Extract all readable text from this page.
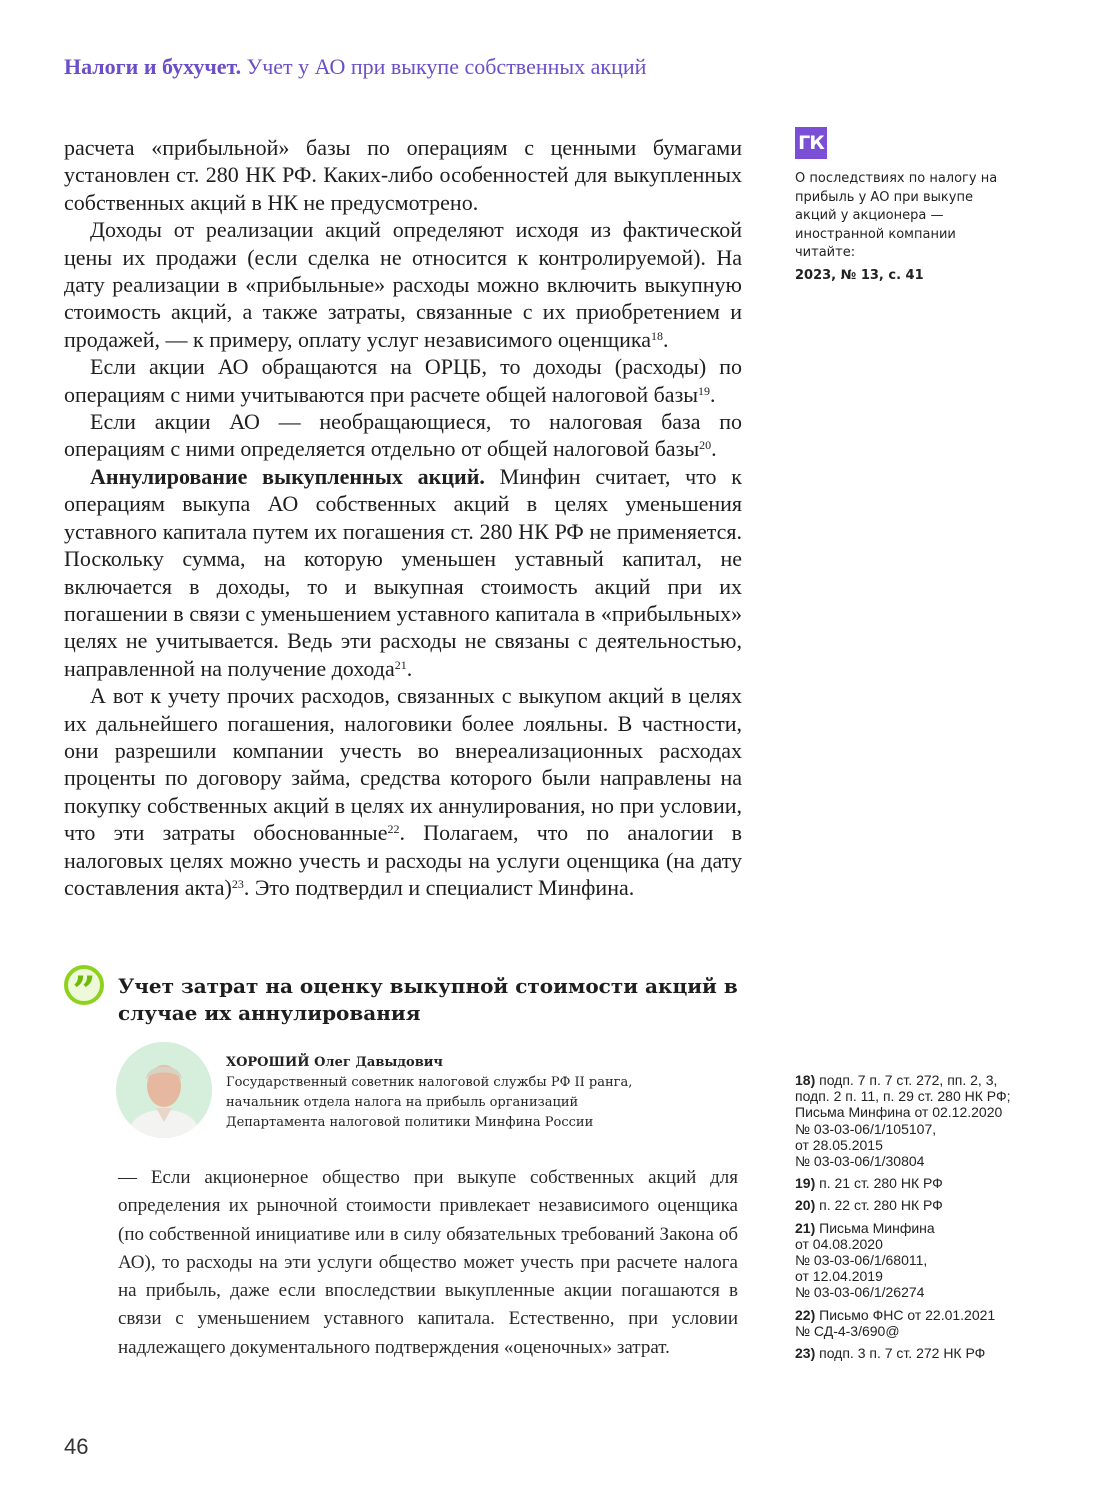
Налоги и бухучет. Учет у АО при выкупе собственных акций

расчета «прибыльной» базы по операциям с ценными бумагами установлен ст. 280 НК РФ. Каких-либо особенностей для выкупленных собственных акций в НК не предусмотрено.

Доходы от реализации акций определяют исходя из фактической цены их продажи (если сделка не относится к контролируемой). На дату реализации в «прибыльные» расходы можно включить выкупную стоимость акций, а также затраты, связанные с их приобретением и продажей, — к примеру, оплату услуг независимого оценщика$^{18}$.

Если акции АО обращаются на ОРЦБ, то доходы (расходы) по операциям с ними учитываются при расчете общей налоговой базы$^{19}$.

Если акции АО — необращающиеся, то налоговая база по операциям с ними определяется отдельно от общей налоговой базы$^{20}$.

Аннулирование выкупленных акций. Минфин считает, что к операциям выкупа АО собственных акций в целях уменьшения уставного капитала путем их погашения ст. 280 НК РФ не применяется. Поскольку сумма, на которую уменьшен уставный капитал, не включается в доходы, то и выкупная стоимость акций при их погашении в связи с уменьшением уставного капитала в «прибыльных» целях не учитывается. Ведь эти расходы не связаны с деятельностью, направленной на получение дохода$^{21}$.

А вот к учету прочих расходов, связанных с выкупом акций в целях их дальнейшего погашения, налоговики более лояльны. В частности, они разрешили компании учесть во внереализационных расходах проценты по договору займа, средства которого были направлены на покупку собственных акций в целях их аннулирования, но при условии, что эти затраты обоснованные$^{22}$. Полагаем, что по аналогии в налоговых целях можно учесть и расходы на услуги оценщика (на дату составления акта)$^{23}$. Это подтвердил и специалист Минфина.

ГК
О последствиях по налогу на прибыль у АО при выкупе акций у акционера — иностранной компании читайте:
2023, № 13, с. 41
”	Учет затрат на оценку выкупной стоимости акций в случае их аннулирования
ХОРОШИЙ Олег Давыдович
Государственный советник налоговой службы РФ II ранга,
начальник отдела налога на прибыль организаций
Департамента налоговой политики Минфина России
— Если акционерное общество при выкупе собственных акций для определения их рыночной стоимости привлекает независимого оценщика (по собственной инициативе или в силу обязательных требований Закона об АО), то расходы на эти услуги общество может учесть при расчете налога на прибыль, даже если впоследствии выкупленные акции погашаются в связи с уменьшением уставного капитала. Естественно, при условии надлежащего документального подтверждения «оценочных» затрат.
18) подп. 7 п. 7 ст. 272, пп. 2, 3,
подп. 2 п. 11, п. 29 ст. 280 НК РФ;
Письма Минфина от 02.12.2020
№ 03-03-06/1/105107,
от 28.05.2015
№ 03-03-06/1/30804
19) п. 21 ст. 280 НК РФ
20) п. 22 ст. 280 НК РФ
21) Письма Минфина
от 04.08.2020
№ 03-03-06/1/68011,
от 12.04.2019
№ 03-03-06/1/26274
22) Письмо ФНС от 22.01.2021
№ СД-4-3/690@
23) подп. 3 п. 7 ст. 272 НК РФ
46
